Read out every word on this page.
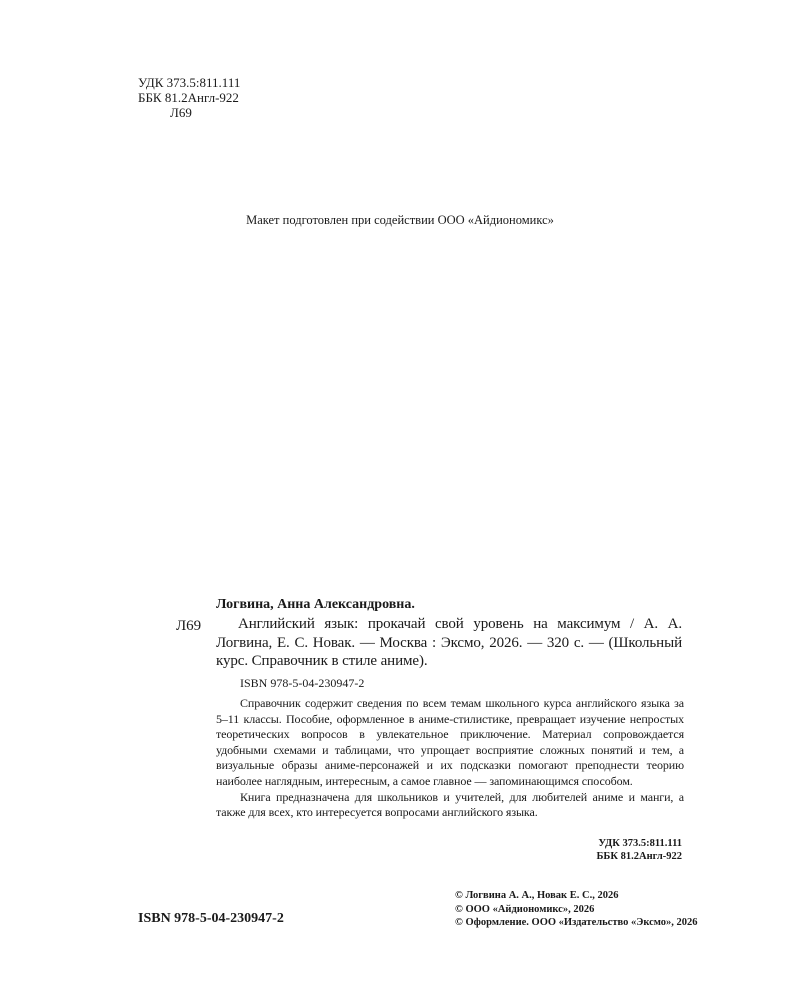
УДК 373.5:811.111
ББК 81.2Англ-922
Л69
Макет подготовлен при содействии ООО «Айдиономикс»
Логвина, Анна Александровна.
Л69	Английский язык: прокачай свой уровень на максимум / А. А. Логвина, Е. С. Новак. — Москва : Эксмо, 2026. — 320 с. — (Школьный курс. Справочник в стиле аниме).
ISBN 978-5-04-230947-2

Справочник содержит сведения по всем темам школьного курса английского языка за 5–11 классы. Пособие, оформленное в аниме-стилистике, превращает изучение непростых теоретических вопросов в увлекательное приключение. Материал сопровождается удобными схемами и таблицами, что упрощает восприятие сложных понятий и тем, а визуальные образы аниме-персонажей и их подсказки помогают преподнести теорию наиболее наглядным, интересным, а самое главное — запоминающимся способом.

Книга предназначена для школьников и учителей, для любителей аниме и манги, а также для всех, кто интересуется вопросами английского языка.

УДК 373.5:811.111
ББК 81.2Англ-922
© Логвина А. А., Новак Е. С., 2026
© ООО «Айдиономикс», 2026
© Оформление. ООО «Издательство «Эксмо», 2026
ISBN 978-5-04-230947-2
